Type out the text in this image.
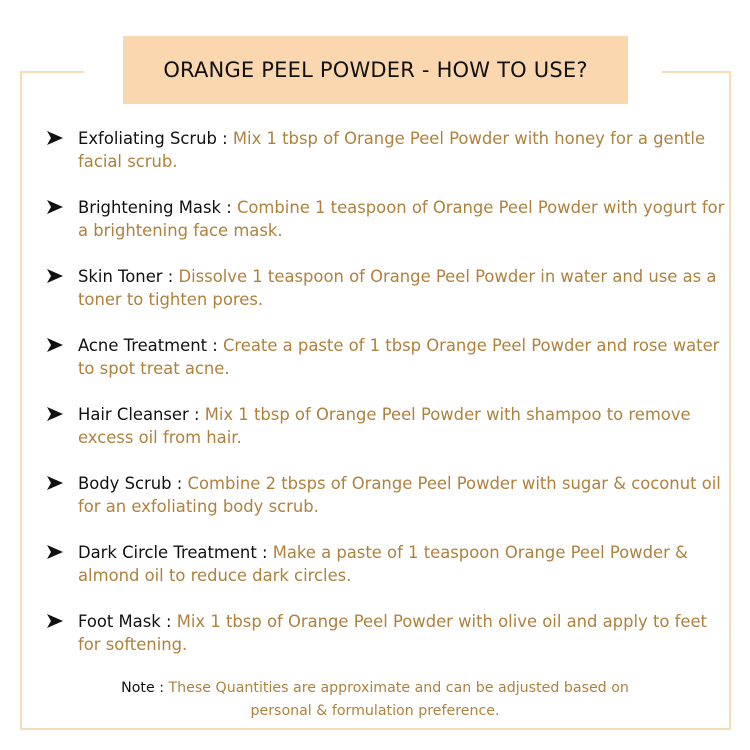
ORANGE PEEL POWDER - HOW TO USE?
Exfoliating Scrub : Mix 1 tbsp of Orange Peel Powder with honey for a gentle facial scrub.
Brightening Mask : Combine 1 teaspoon of Orange Peel Powder with yogurt for a brightening face mask.
Skin Toner : Dissolve 1 teaspoon of Orange Peel Powder in water and use as a toner to tighten pores.
Acne Treatment : Create a paste of 1 tbsp Orange Peel Powder and rose water to spot treat acne.
Hair Cleanser : Mix 1 tbsp of Orange Peel Powder with shampoo to remove excess oil from hair.
Body Scrub : Combine 2 tbsps of Orange Peel Powder with sugar & coconut oil for an exfoliating body scrub.
Dark Circle Treatment : Make a paste of 1 teaspoon Orange Peel Powder & almond oil to reduce dark circles.
Foot Mask : Mix 1 tbsp of Orange Peel Powder with olive oil and apply to feet for softening.
Note : These Quantities are approximate and can be adjusted based on personal & formulation preference.
